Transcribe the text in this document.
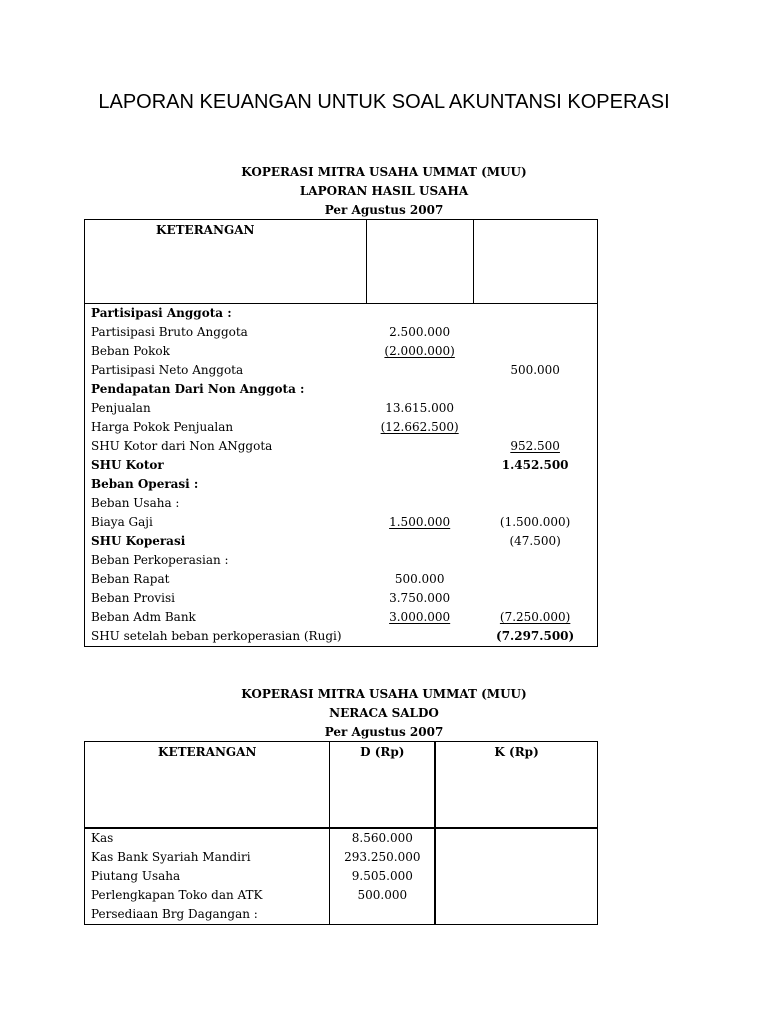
LAPORAN KEUANGAN UNTUK SOAL AKUNTANSI KOPERASI
KOPERASI MITRA USAHA UMMAT (MUU)
LAPORAN HASIL USAHA
Per Agustus 2007
KETERANGAN		

Partisipasi Anggota :		
Partisipasi Bruto Anggota	2.500.000	
Beban Pokok	(2.000.000)	
Partisipasi Neto Anggota		500.000
Pendapatan Dari Non Anggota :		
Penjualan	13.615.000	
Harga Pokok Penjualan	(12.662.500)	
SHU Kotor dari Non ANggota		952.500
SHU Kotor		1.452.500
Beban Operasi :		
Beban Usaha :		
Biaya Gaji	1.500.000	(1.500.000)
SHU Koperasi		(47.500)
Beban Perkoperasian :		
Beban Rapat	500.000	
Beban Provisi	3.750.000	
Beban Adm Bank	3.000.000	(7.250.000)
SHU setelah beban perkoperasian (Rugi)		(7.297.500)
KOPERASI MITRA USAHA UMMAT (MUU)
NERACA SALDO
Per Agustus 2007
KETERANGAN	D (Rp)	K (Rp)
Kas	8.560.000	
Kas Bank Syariah Mandiri	293.250.000	
Piutang Usaha	9.505.000	
Perlengkapan Toko dan ATK	500.000	
Persediaan Brg Dagangan :		
